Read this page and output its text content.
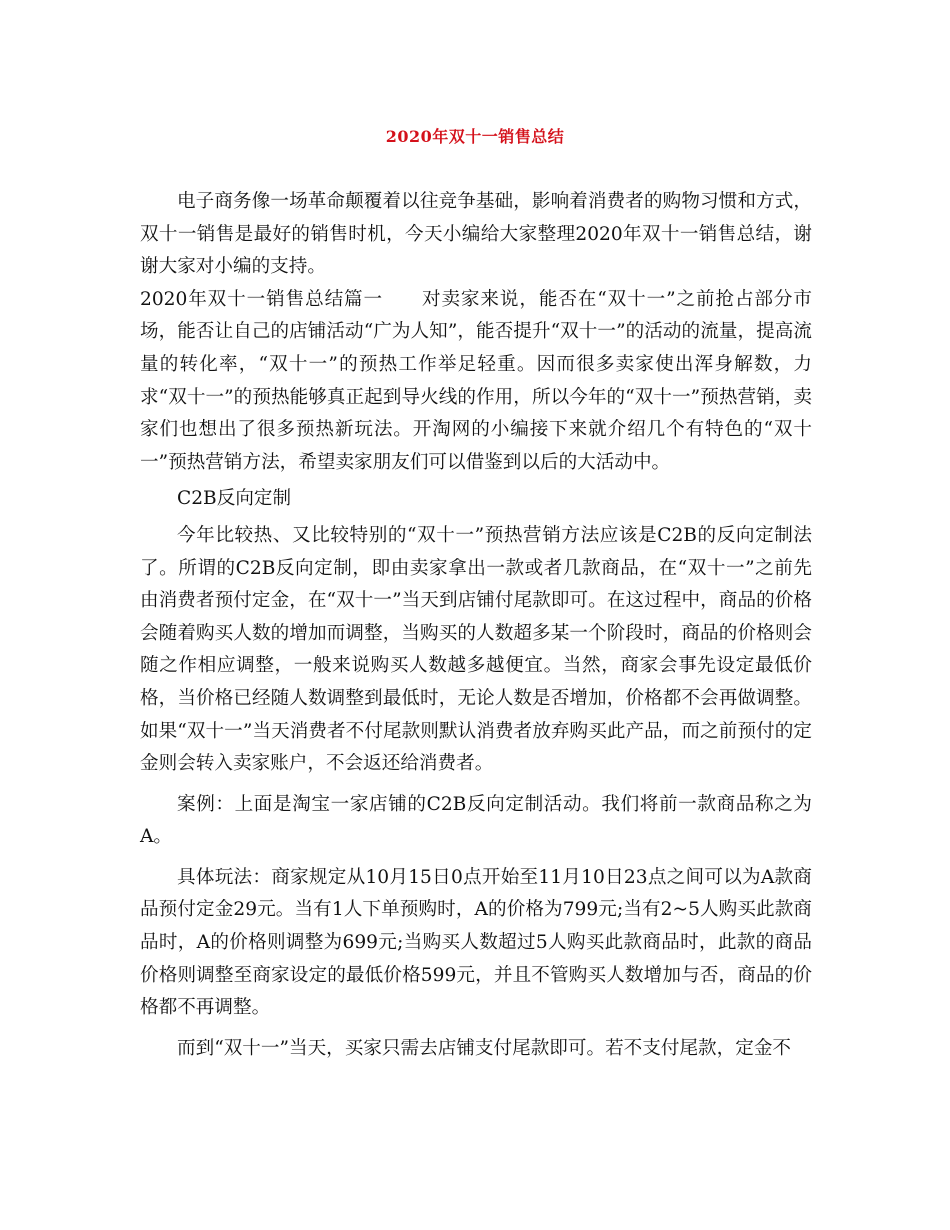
2020年双十一销售总结

电子商务像一场革命颠覆着以往竞争基础，影响着消费者的购物习惯和方式，双十一销售是最好的销售时机，今天小编给大家整理2020年双十一销售总结，谢谢大家对小编的支持。

2020年双十一销售总结篇一　　对卖家来说，能否在“双十一”之前抢占部分市场，能否让自己的店铺活动“广为人知”，能否提升“双十一”的活动的流量，提高流量的转化率，“双十一”的预热工作举足轻重。因而很多卖家使出浑身解数，力求“双十一”的预热能够真正起到导火线的作用，所以今年的“双十一”预热营销，卖家们也想出了很多预热新玩法。开淘网的小编接下来就介绍几个有特色的“双十一”预热营销方法，希望卖家朋友们可以借鉴到以后的大活动中。

C2B反向定制

今年比较热、又比较特别的“双十一”预热营销方法应该是C2B的反向定制法了。所谓的C2B反向定制，即由卖家拿出一款或者几款商品，在“双十一”之前先由消费者预付定金，在“双十一”当天到店铺付尾款即可。在这过程中，商品的价格会随着购买人数的增加而调整，当购买的人数超多某一个阶段时，商品的价格则会随之作相应调整，一般来说购买人数越多越便宜。当然，商家会事先设定最低价格，当价格已经随人数调整到最低时，无论人数是否增加，价格都不会再做调整。如果“双十一”当天消费者不付尾款则默认消费者放弃购买此产品，而之前预付的定金则会转入卖家账户，不会返还给消费者。

案例：上面是淘宝一家店铺的C2B反向定制活动。我们将前一款商品称之为A。

具体玩法：商家规定从10月15日0点开始至11月10日23点之间可以为A款商品预付定金29元。当有1人下单预购时，A的价格为799元;当有2~5人购买此款商品时，A的价格则调整为699元;当购买人数超过5人购买此款商品时，此款的商品价格则调整至商家设定的最低价格599元，并且不管购买人数增加与否，商品的价格都不再调整。

而到“双十一”当天，买家只需去店铺支付尾款即可。若不支付尾款，定金不
